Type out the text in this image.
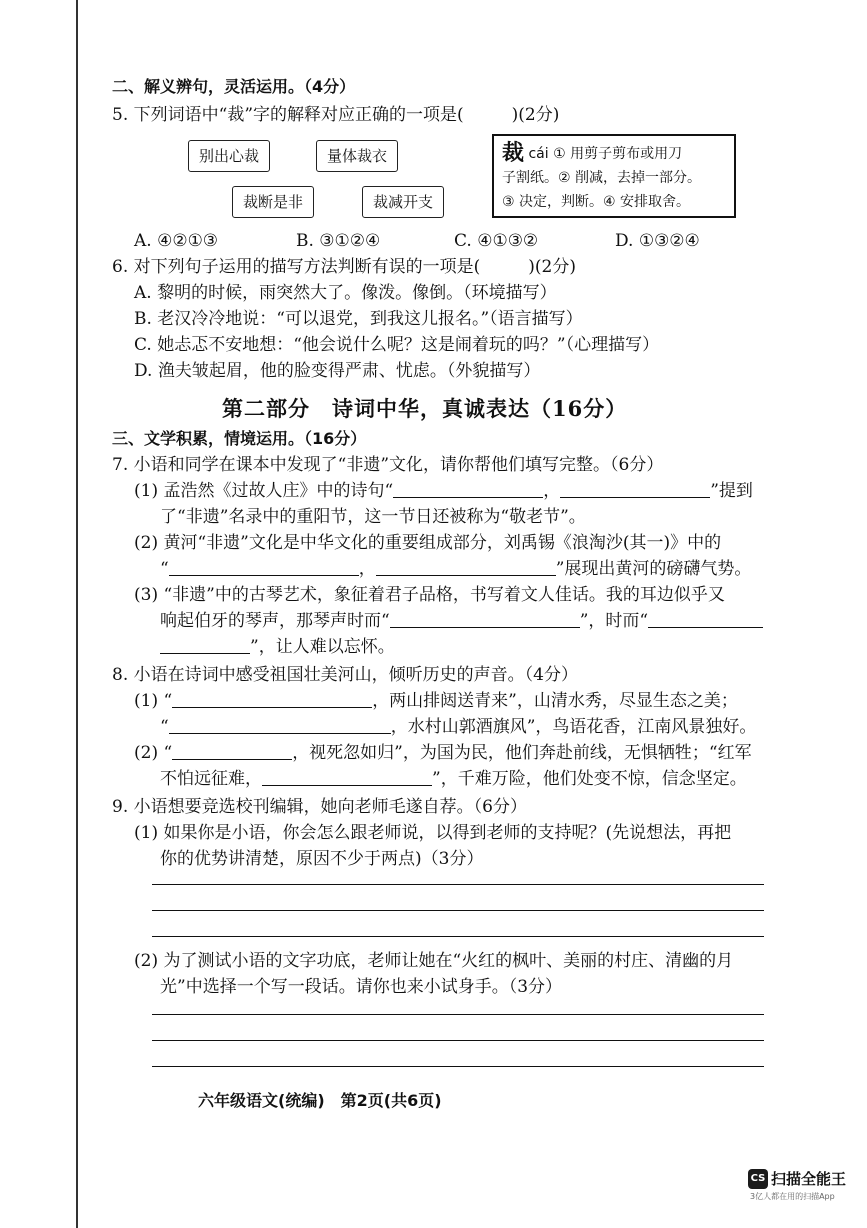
二、解义辨句，灵活运用。（4分）
5. 下列词语中“裁”字的解释对应正确的一项是(	)(2分)
别出心裁	量体裁衣
裁断是非	裁减开支
裁 cái ① 用剪子剪布或用刀
子割纸。② 削减，去掉一部分。
③ 决定，判断。④ 安排取舍。
A. ④②①③	B. ③①②④	C. ④①③②	D. ①③②④
6. 对下列句子运用的描写方法判断有误的一项是(	)(2分)
A. 黎明的时候，雨突然大了。像泼。像倒。（环境描写）
B. 老汉冷冷地说：“可以退党，到我这儿报名。”（语言描写）
C. 她忐忑不安地想：“他会说什么呢？这是闹着玩的吗？”（心理描写）
D. 渔夫皱起眉，他的脸变得严肃、忧虑。（外貌描写）
第二部分　诗词中华，真诚表达（16分）
三、文学积累，情境运用。（16分）
7. 小语和同学在课本中发现了“非遗”文化，请你帮他们填写完整。（6分）
(1) 孟浩然《过故人庄》中的诗句“	，	”提到
了“非遗”名录中的重阳节，这一节日还被称为“敬老节”。
(2) 黄河“非遗”文化是中华文化的重要组成部分，刘禹锡《浪淘沙(其一)》中的
“	，	”展现出黄河的磅礴气势。
(3) “非遗”中的古琴艺术，象征着君子品格，书写着文人佳话。我的耳边似乎又
响起伯牙的琴声，那琴声时而“	”，时而“
”，让人难以忘怀。
8. 小语在诗词中感受祖国壮美河山，倾听历史的声音。（4分）
(1) “	，两山排闼送青来”，山清水秀，尽显生态之美；
“	，水村山郭酒旗风”，鸟语花香，江南风景独好。
(2) “	，视死忽如归”，为国为民，他们奔赴前线，无惧牺牲；“红军
不怕远征难，	”，千难万险，他们处变不惊，信念坚定。
9. 小语想要竞选校刊编辑，她向老师毛遂自荐。（6分）
(1) 如果你是小语，你会怎么跟老师说，以得到老师的支持呢？(先说想法，再把
你的优势讲清楚，原因不少于两点)（3分）
(2) 为了测试小语的文字功底，老师让她在“火红的枫叶、美丽的村庄、清幽的月
光”中选择一个写一段话。请你也来小试身手。（3分）
六年级语文(统编)　第2页(共6页)
CS 扫描全能王
3亿人都在用的扫描App
